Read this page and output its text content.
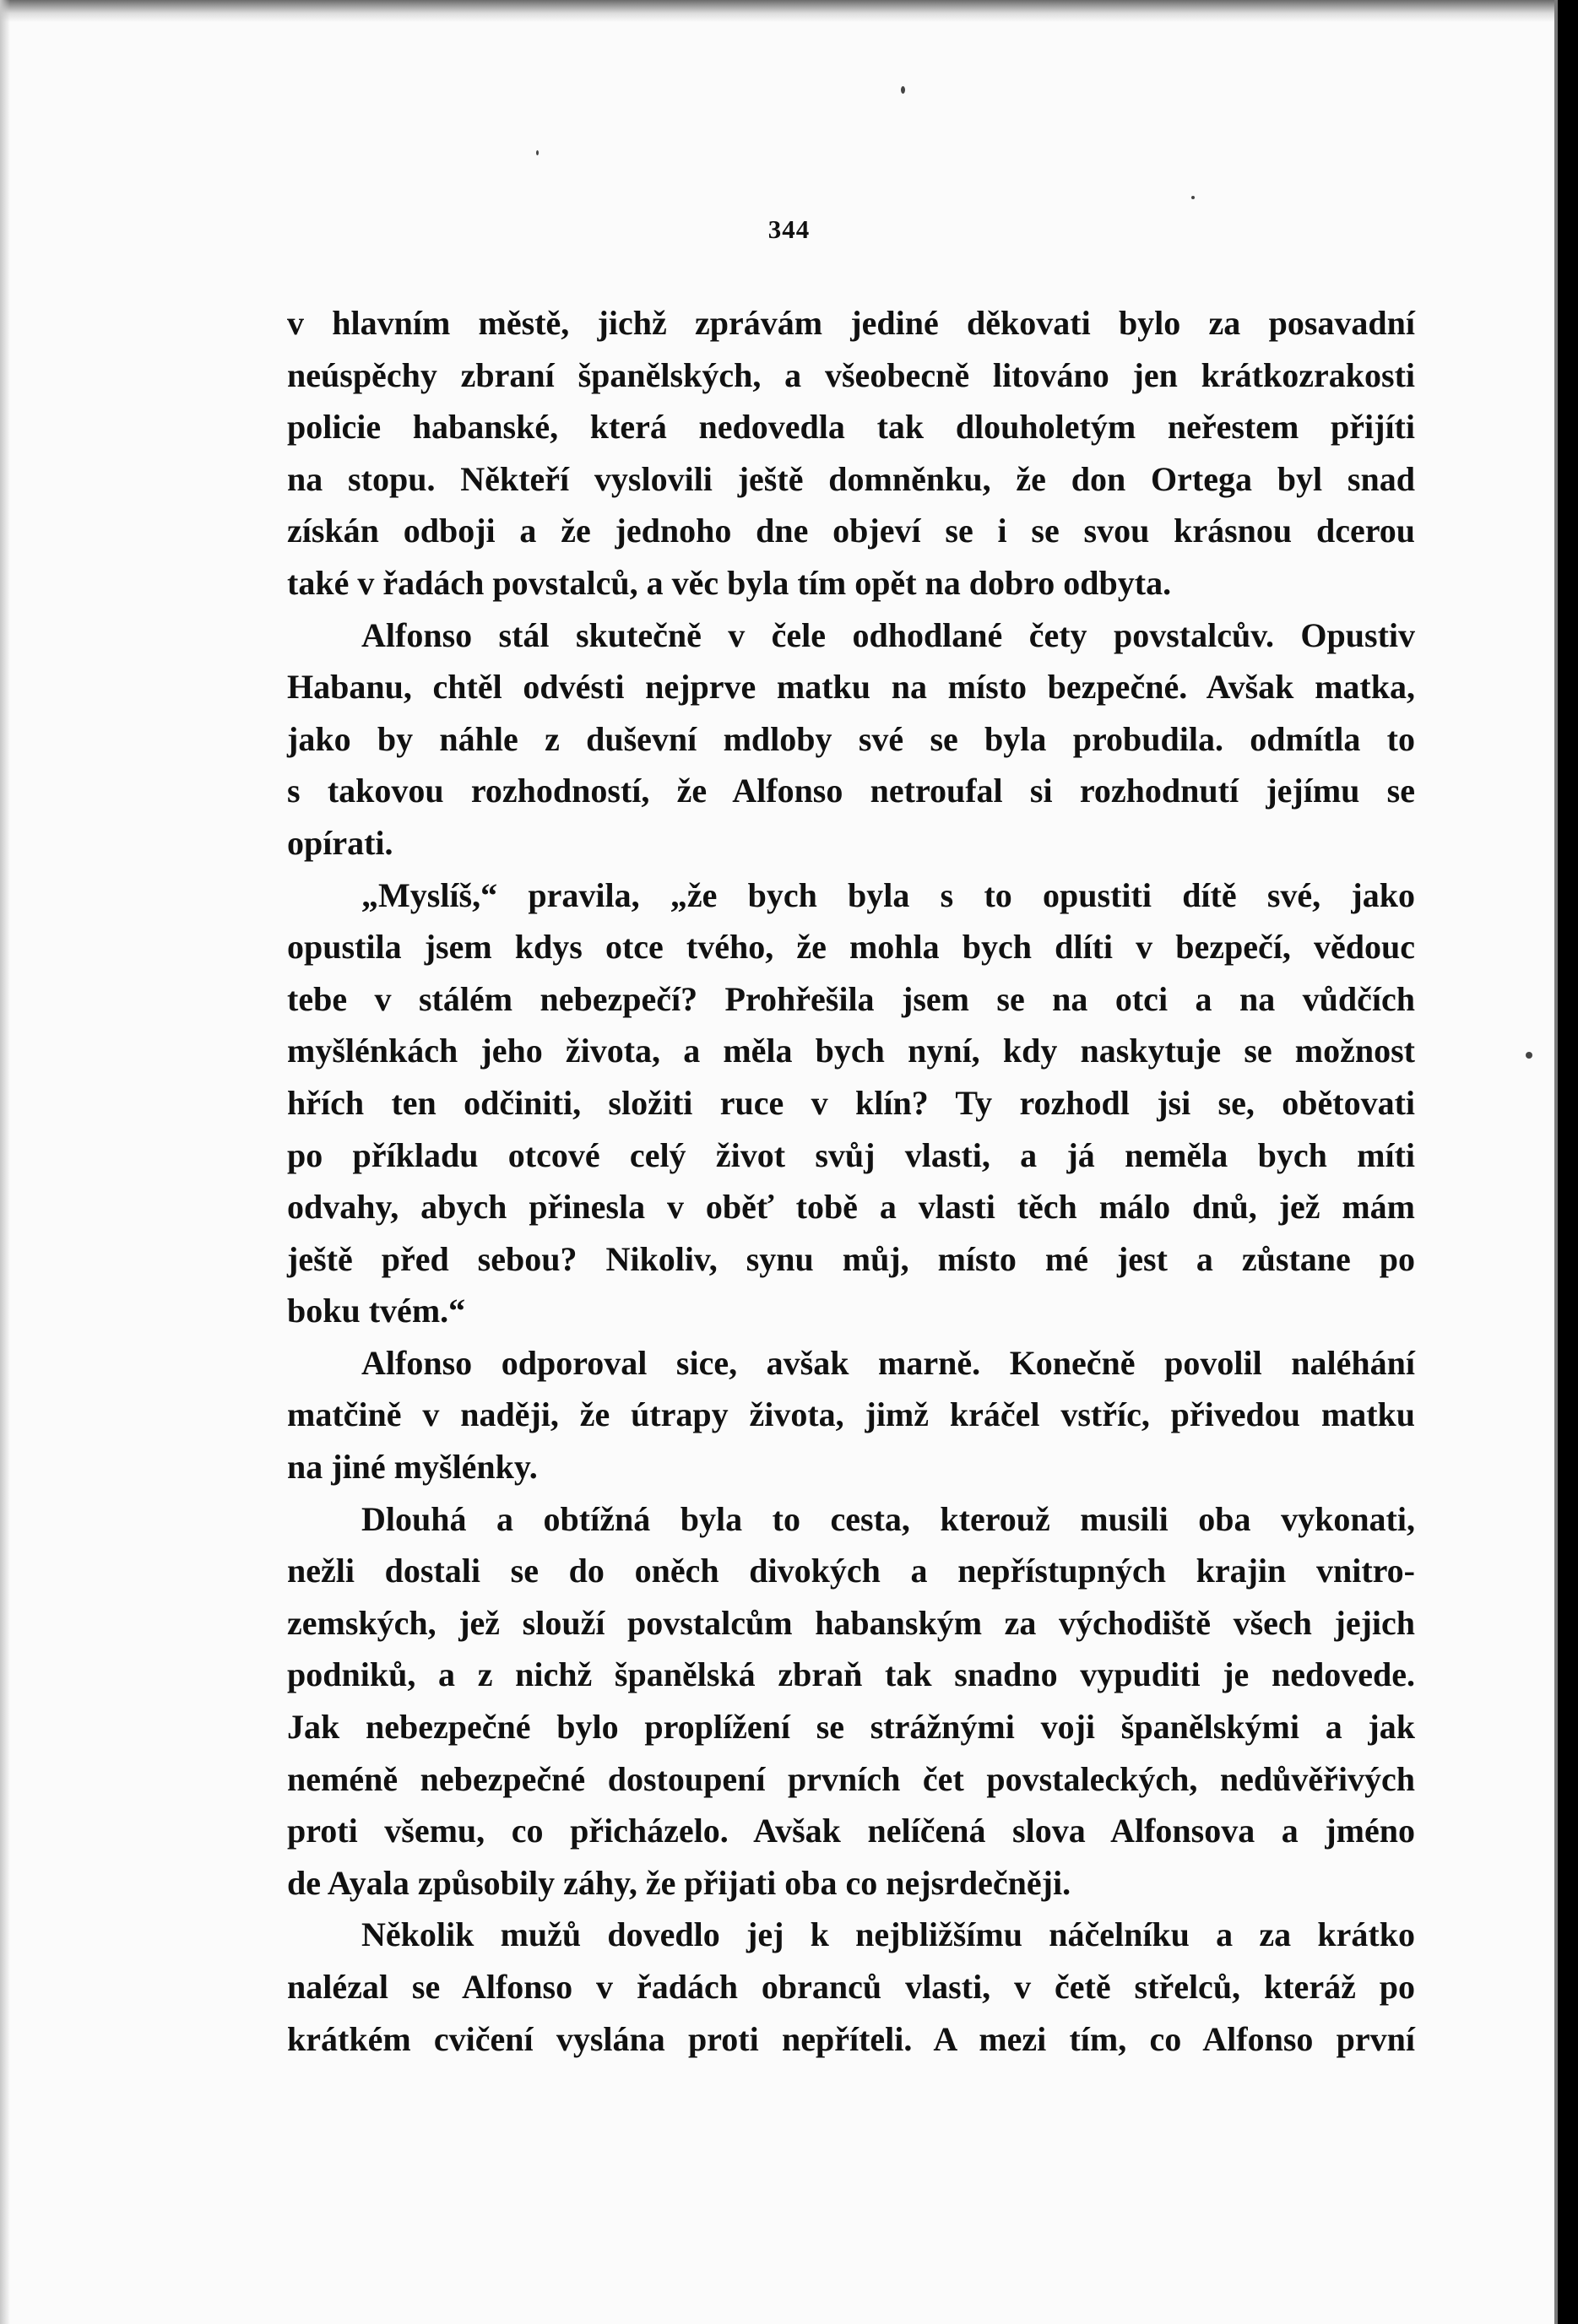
344
v hlavním městě, jichž zprávám jediné děkovati bylo za posavadní
neúspěchy zbraní španělských, a všeobecně litováno jen krátkozrakosti
policie habanské, která nedovedla tak dlouholetým neřestem přijíti
na stopu. Někteří vyslovili ještě domněnku, že don Ortega byl snad
získán odboji a že jednoho dne objeví se i se svou krásnou dcerou
také v řadách povstalců, a věc byla tím opět na dobro odbyta.
Alfonso stál skutečně v čele odhodlané čety povstalcův. Opustiv
Habanu, chtěl odvésti nejprve matku na místo bezpečné. Avšak matka,
jako by náhle z duševní mdloby své se byla probudila. odmítla to
s takovou rozhodností, že Alfonso netroufal si rozhodnutí jejímu se
opírati.
„Myslíš,“ pravila, „že bych byla s to opustiti dítě své, jako
opustila jsem kdys otce tvého, že mohla bych dlíti v bezpečí, vědouc
tebe v stálém nebezpečí? Prohřešila jsem se na otci a na vůdčích
myšlénkách jeho života, a měla bych nyní, kdy naskytuje se možnost
hřích ten odčiniti, složiti ruce v klín? Ty rozhodl jsi se, obětovati
po příkladu otcové celý život svůj vlasti, a já neměla bych míti
odvahy, abych přinesla v oběť tobě a vlasti těch málo dnů, jež mám
ještě před sebou? Nikoliv, synu můj, místo mé jest a zůstane po
boku tvém.“
Alfonso odporoval sice, avšak marně. Konečně povolil naléhání
matčině v naději, že útrapy života, jimž kráčel vstříc, přivedou matku
na jiné myšlénky.
Dlouhá a obtížná byla to cesta, kterouž musili oba vykonati,
nežli dostali se do oněch divokých a nepřístupných krajin vnitro-
zemských, jež slouží povstalcům habanským za východiště všech jejich
podniků, a z nichž španělská zbraň tak snadno vypuditi je nedovede.
Jak nebezpečné bylo proplížení se strážnými voji španělskými a jak
neméně nebezpečné dostoupení prvních čet povstaleckých, nedůvěřivých
proti všemu, co přicházelo. Avšak nelíčená slova Alfonsova a jméno
de Ayala způsobily záhy, že přijati oba co nejsrdečněji.
Několik mužů dovedlo jej k nejbližšímu náčelníku a za krátko
nalézal se Alfonso v řadách obranců vlasti, v četě střelců, kteráž po
krátkém cvičení vyslána proti nepříteli. A mezi tím, co Alfonso první
